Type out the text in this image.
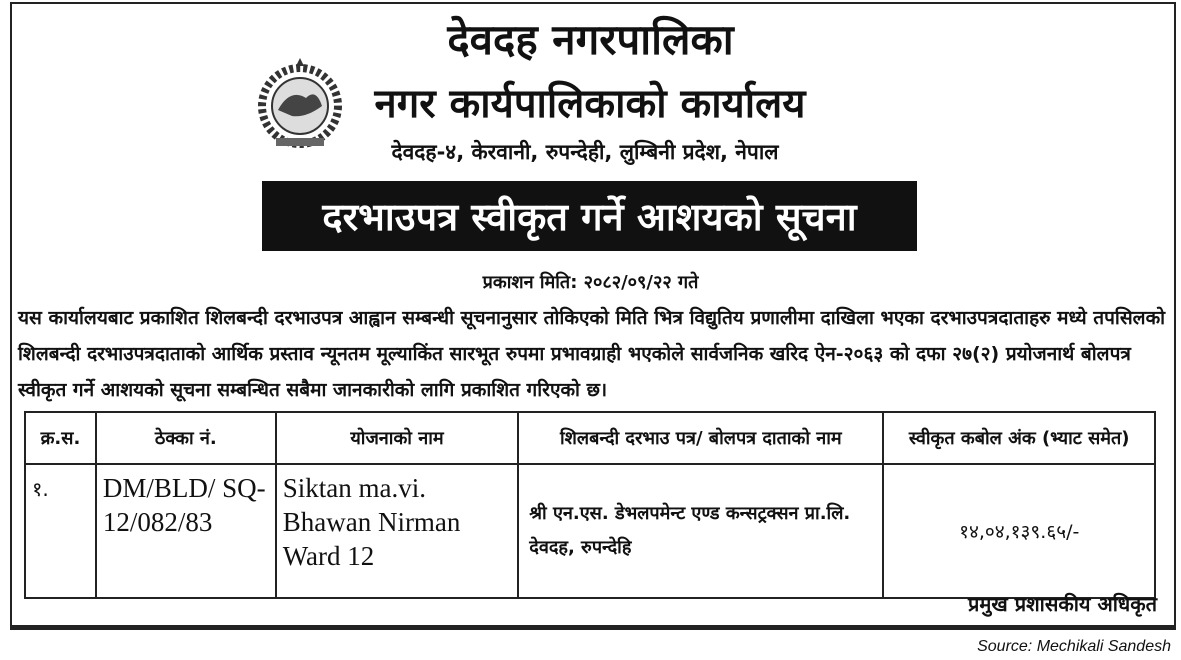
देवदह नगरपालिका
नगर कार्यपालिकाको कार्यालय
देवदह-४, केरवानी, रुपन्देही, लुम्बिनी प्रदेश, नेपाल
दरभाउपत्र स्वीकृत गर्ने आशयको सूचना
प्रकाशन मिति: २०८२/०९/२२ गते
यस कार्यालयबाट प्रकाशित शिलबन्दी दरभाउपत्र आह्वान सम्बन्धी सूचनानुसार तोकिएको मिति भित्र विद्युतिय प्रणालीमा दाखिला भएका दरभाउपत्रदाताहरु मध्ये तपसिलको शिलबन्दी दरभाउपत्रदाताको आर्थिक प्रस्ताव न्यूनतम मूल्याकिंत सारभूत रुपमा प्रभावग्राही भएकोले सार्वजनिक खरिद ऐन-२०६३ को दफा २७(२) प्रयोजनार्थ बोलपत्र स्वीकृत गर्ने आशयको सूचना सम्बन्धित सबैमा जानकारीको लागि प्रकाशित गरिएको छ।
क्र.स.	ठेक्का नं.	योजनाको नाम	शिलबन्दी दरभाउ पत्र/ बोलपत्र दाताको नाम	स्वीकृत कबोल अंक (भ्याट समेत)
१.	DM/BLD/ SQ-12/082/83	Siktan ma.vi. Bhawan Nirman Ward 12	श्री एन.एस. डेभलपमेन्ट एण्ड कन्सट्रक्सन प्रा.लि. देवदह, रुपन्देहि	१४,०४,१३९.६५/-
प्रमुख प्रशासकीय अधिकृत
Source: Mechikali Sandesh
